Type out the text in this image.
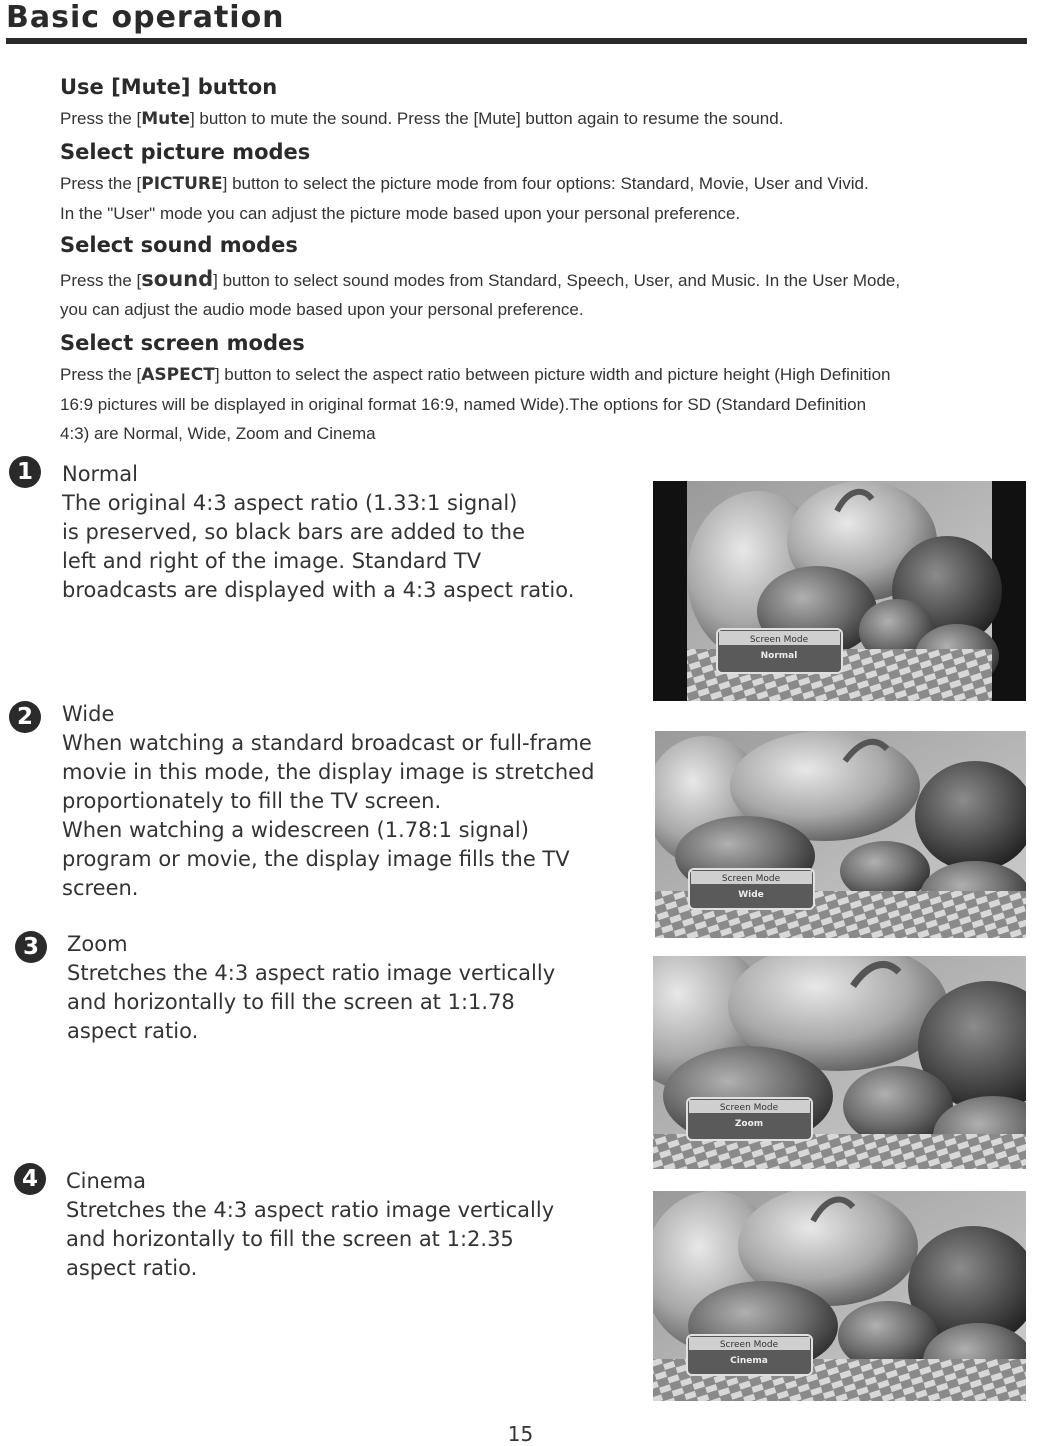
Basic operation
Use [Mute] button
Press the [Mute] button to mute the sound. Press the [Mute] button again to resume the sound.
Select picture modes
Press the [PICTURE] button to select the picture mode from four options: Standard, Movie, User and Vivid.
In the "User" mode you can adjust the picture mode based upon your personal preference.
Select sound modes
Press the [sound] button to select sound modes from Standard, Speech, User, and Music. In the User Mode,
you can adjust the audio mode based upon your personal preference.
Select screen modes
Press the [ASPECT] button to select the aspect ratio between picture width and picture height (High Definition
16:9 pictures will be displayed in original format 16:9, named Wide).The options for SD (Standard Definition
4:3) are Normal, Wide, Zoom and Cinema
1	Normal
The original 4:3 aspect ratio (1.33:1 signal)
is preserved, so black bars are added to the
left and right of the image. Standard TV
broadcasts are displayed with a 4:3 aspect ratio.
Screen Mode
Normal
2	Wide
When watching a standard broadcast or full-frame
movie in this mode, the display image is stretched
proportionately to fill the TV screen.
When watching a widescreen (1.78:1 signal)
program or movie, the display image fills the TV
screen.	Screen Mode
Wide
3	Zoom
Stretches the 4:3 aspect ratio image vertically
and horizontally to fill the screen at 1:1.78
aspect ratio.
Screen Mode
Zoom
4	Cinema
Stretches the 4:3 aspect ratio image vertically
and horizontally to fill the screen at 1:2.35
aspect ratio.
Screen Mode
Cinema
15
